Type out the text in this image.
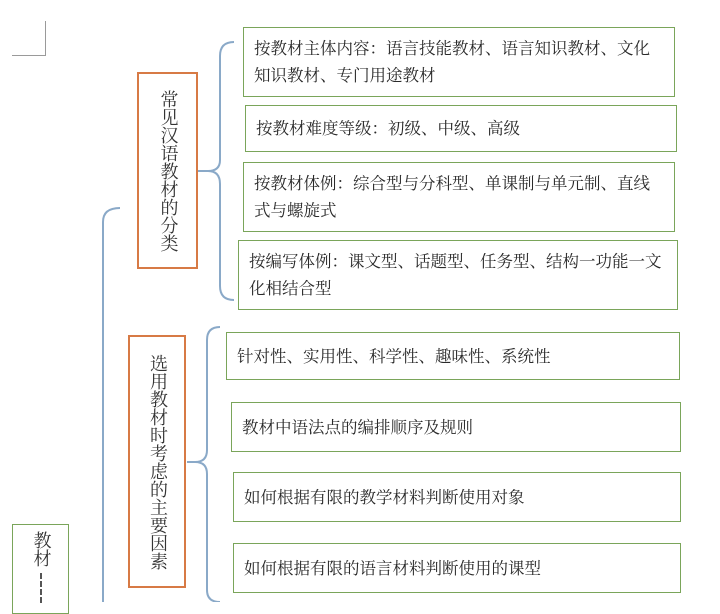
常见汉语教材的分类
按教材主体内容：语言技能教材、语言知识教材、文化知识教材、专门用途教材
按教材难度等级：初级、中级、高级
按教材体例：综合型与分科型、单课制与单元制、直线式与螺旋式
按编写体例：课文型、话题型、任务型、结构一功能一文化相结合型
选用教材时考虑的主要因素	针对性、实用性、科学性、趣味性、系统性
教材中语法点的编排顺序及规则
如何根据有限的教学材料判断使用对象
如何根据有限的语言材料判断使用的课型
教材
